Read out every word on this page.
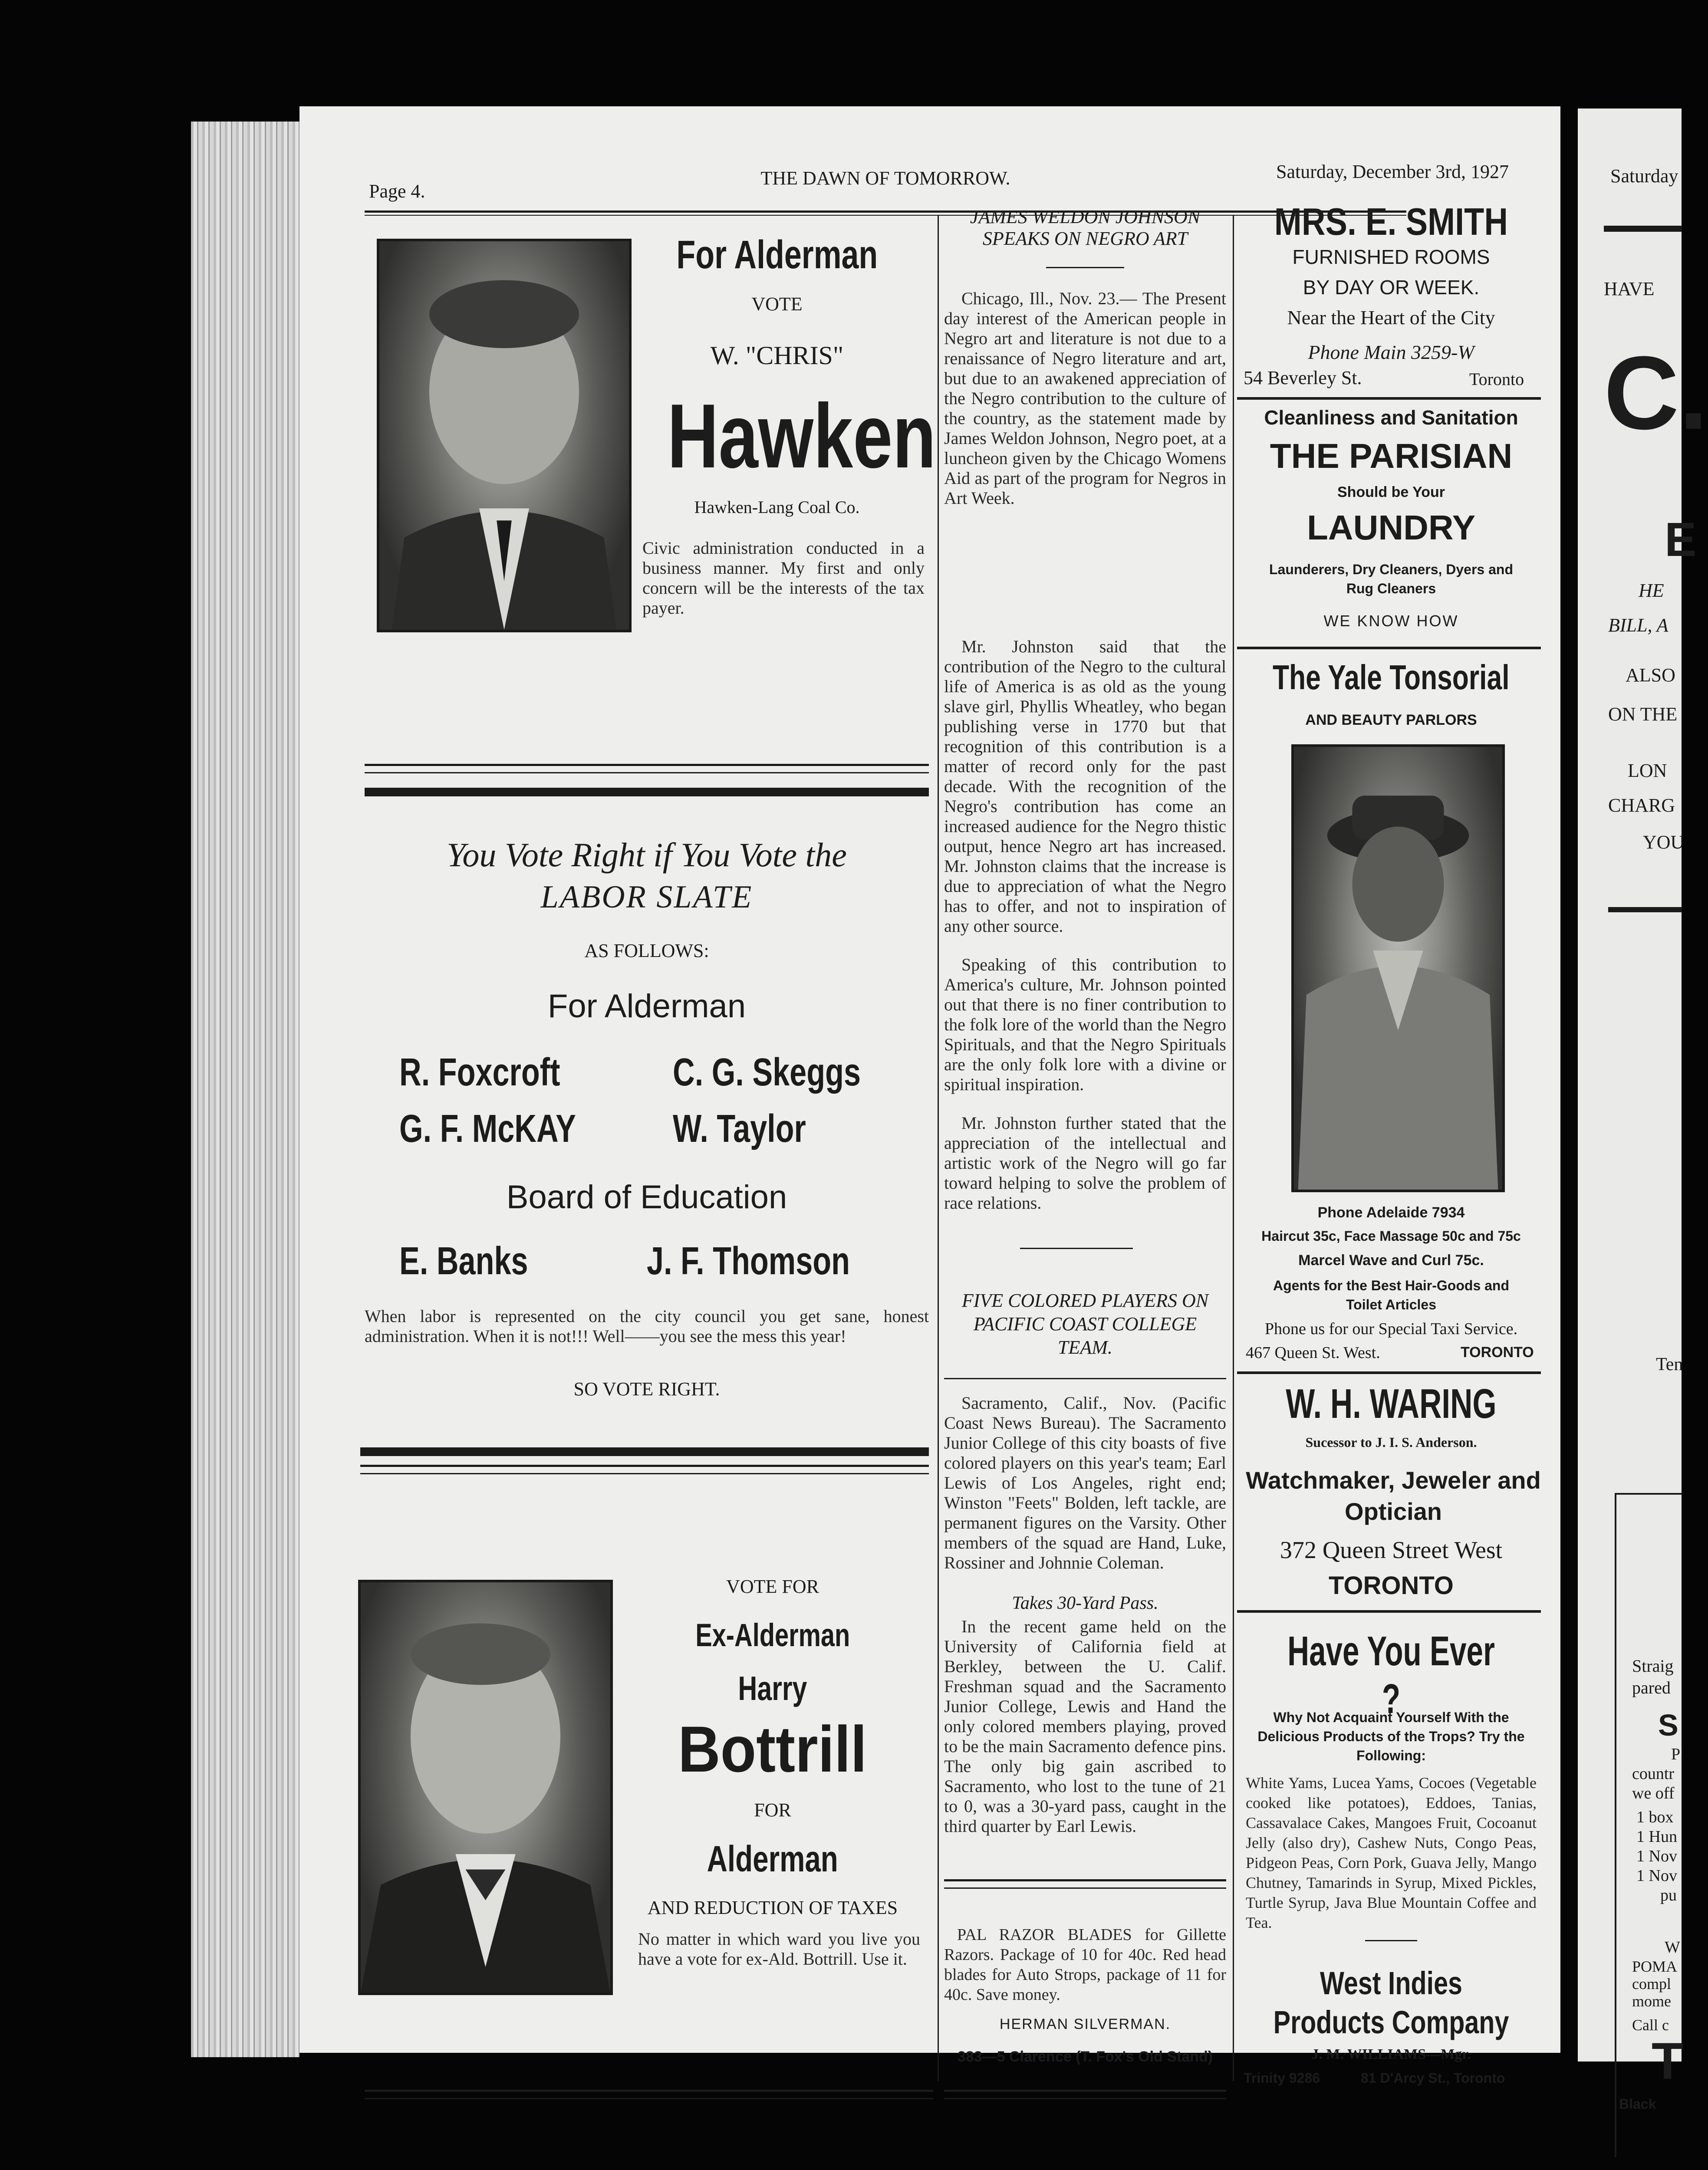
Page 4.
THE DAWN OF TOMORROW.	Saturday, December 3rd, 1927
For Alderman
VOTE
W. "CHRIS"
Hawken
Hawken-Lang Coal Co.
Civic administration conducted in a business manner. My first and only concern will be the interests of the tax payer.
You Vote Right if You Vote the
LABOR SLATE
AS FOLLOWS:
For Alderman
R. Foxcroft	C. G. Skeggs
G. F. McKAY	W. Taylor
Board of Education
E. Banks	J. F. Thomson
When labor is represented on the city council you get sane, honest administration. When it is not!!! Well——you see the mess this year!
SO VOTE RIGHT.
VOTE FOR
Ex-Alderman
Harry
Bottrill
FOR
Alderman
AND REDUCTION OF TAXES
No matter in which ward you live you have a vote for ex-Ald. Bottrill. Use it.
JAMES WELDON JOHNSON SPEAKS ON NEGRO ART
Chicago, Ill., Nov. 23.— The Present day interest of the American people in Negro art and literature is not due to a renaissance of Negro literature and art, but due to an awakened appreciation of the Negro contribution to the culture of the country, as the statement made by James Weldon Johnson, Negro poet, at a luncheon given by the Chicago Womens Aid as part of the program for Negros in Art Week.
Mr. Johnston said that the contribution of the Negro to the cultural life of America is as old as the young slave girl, Phyllis Wheatley, who began publishing verse in 1770 but that recognition of this contribution is a matter of record only for the past decade. With the recognition of the Negro's contribution has come an increased audience for the Negro thistic output, hence Negro art has increased. Mr. Johnston claims that the increase is due to appreciation of what the Negro has to offer, and not to inspiration of any other source.
Speaking of this contribution to America's culture, Mr. Johnson pointed out that there is no finer contribution to the folk lore of the world than the Negro Spirituals, and that the Negro Spirituals are the only folk lore with a divine or spiritual inspiration.
Mr. Johnston further stated that the appreciation of the intellectual and artistic work of the Negro will go far toward helping to solve the problem of race relations.
FIVE COLORED PLAYERS ON PACIFIC COAST COLLEGE TEAM.
Sacramento, Calif., Nov. (Pacific Coast News Bureau). The Sacramento Junior College of this city boasts of five colored players on this year's team; Earl Lewis of Los Angeles, right end; Winston "Feets" Bolden, left tackle, are permanent figures on the Varsity. Other members of the squad are Hand, Luke, Rossiner and Johnnie Coleman.
Takes 30-Yard Pass.
In the recent game held on the University of California field at Berkley, between the U. Calif. Freshman squad and the Sacramento Junior College, Lewis and Hand the only colored members playing, proved to be the main Sacramento defence pins. The only big gain ascribed to Sacramento, who lost to the tune of 21 to 0, was a 30-yard pass, caught in the third quarter by Earl Lewis.
PAL RAZOR BLADES for Gillette Razors. Package of 10 for 40c. Red head blades for Auto Strops, package of 11 for 40c. Save money.
HERMAN SILVERMAN.
383—5 Clarence (T. Fox's Old Stand)
MRS. E. SMITH
FURNISHED ROOMS
BY DAY OR WEEK.
Near the Heart of the City
Phone Main 3259-W
54 Beverley St.	Toronto
Cleanliness and Sanitation
THE PARISIAN
Should be Your
LAUNDRY
Launderers, Dry Cleaners, Dyers and Rug Cleaners
WE KNOW HOW
The Yale Tonsorial
AND BEAUTY PARLORS
Phone Adelaide 7934
Haircut 35c, Face Massage 50c and 75c
Marcel Wave and Curl 75c.
Agents for the Best Hair-Goods and Toilet Articles
Phone us for our Special Taxi Service.
467 Queen St. West.	TORONTO
W. H. WARING
Sucessor to J. I. S. Anderson.
Watchmaker, Jeweler and Optician
372 Queen Street West
TORONTO
Have You Ever ?
Why Not Acquaint Yourself With the Delicious Products of the Trops? Try the Following:
White Yams, Lucea Yams, Cocoes (Vegetable cooked like potatoes), Eddoes, Tanias, Cassavalace Cakes, Mangoes Fruit, Cocoanut Jelly (also dry), Cashew Nuts, Congo Peas, Pidgeon Peas, Corn Pork, Guava Jelly, Mango Chutney, Tamarinds in Syrup, Mixed Pickles, Turtle Syrup, Java Blue Mountain Coffee and Tea.
West Indies Products Company
J. M. WILLIAMS—Mgr.
Trinity 9286	81 D'Arcy St., Toronto
Saturday
HAVE
C.
E
HE
BILL, A
ALSO
ON THE
LON
CHARG
YOU
Ten
Straig
pared
S
P
countr
we off
1 box
1 Hun
1 Nov
1 Nov
pu
W
POMA
compl
mome
Call c
T
Black
